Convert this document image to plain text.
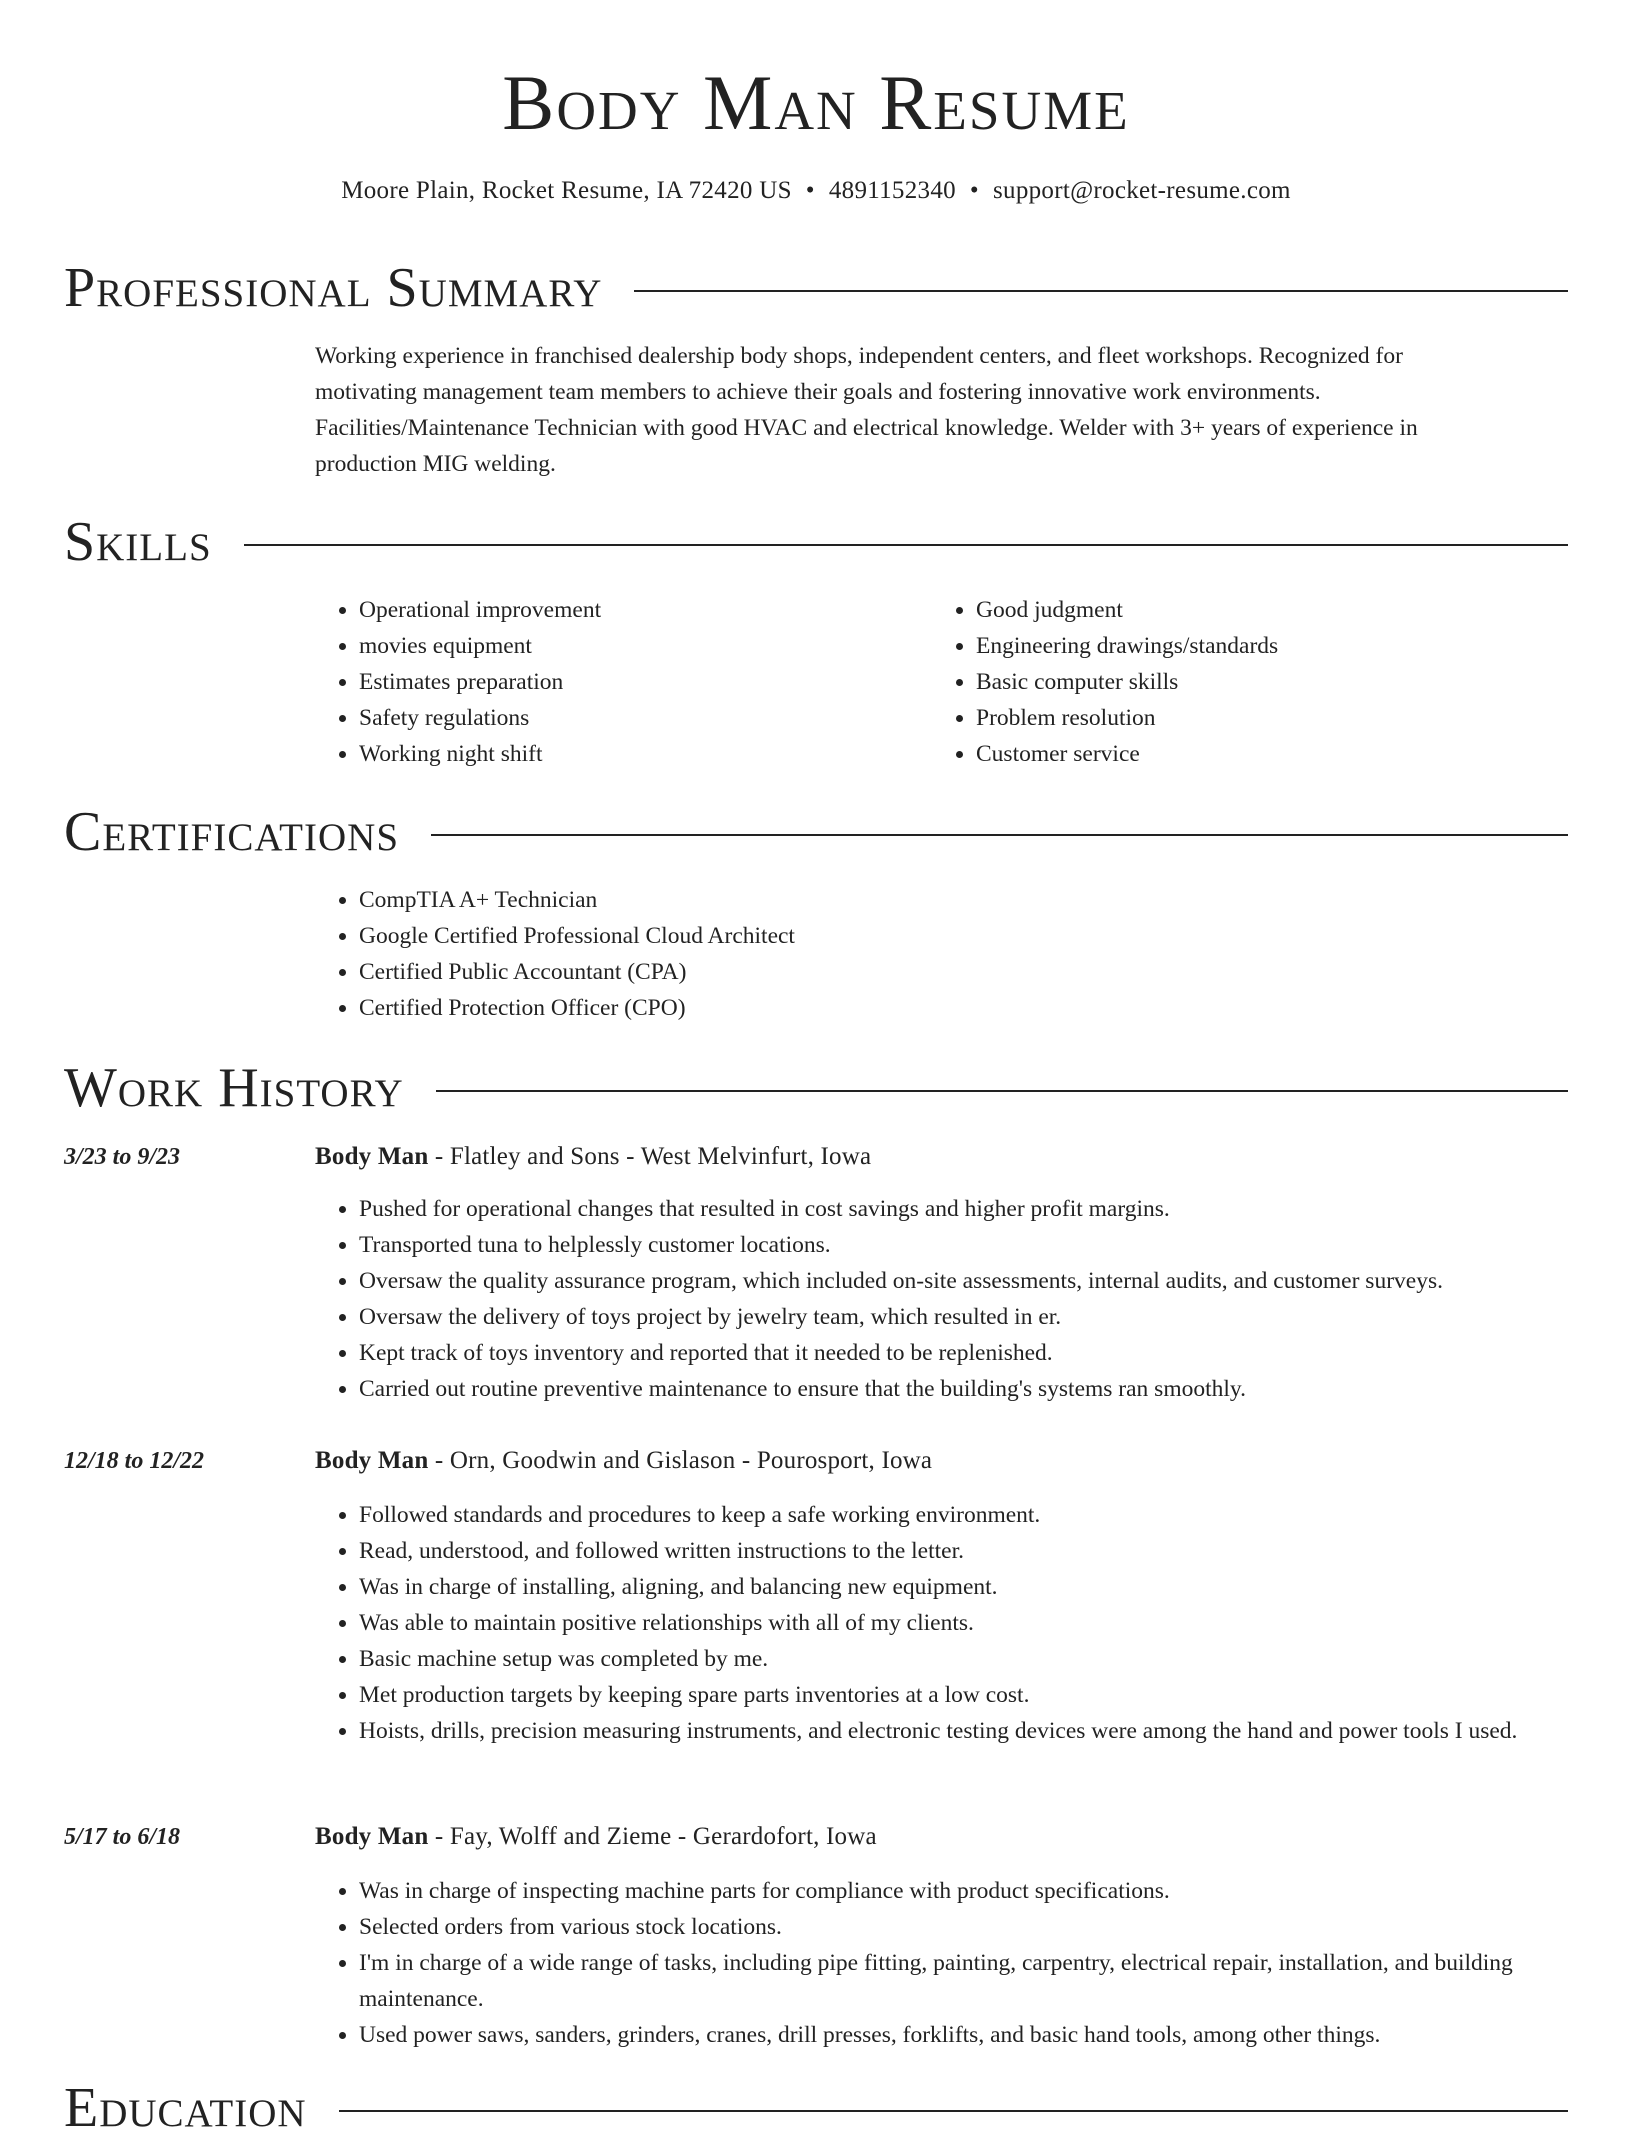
Body Man Resume
Moore Plain, Rocket Resume, IA 72420 US • 4891152340 • support@rocket-resume.com
Professional Summary
Working experience in franchised dealership body shops, independent centers, and fleet workshops. Recognized for
motivating management team members to achieve their goals and fostering innovative work environments.
Facilities/Maintenance Technician with good HVAC and electrical knowledge. Welder with 3+ years of experience in
production MIG welding.
Skills
• Operational improvement
• movies equipment
• Estimates preparation
• Safety regulations
• Working night shift
• Good judgment
• Engineering drawings/standards
• Basic computer skills
• Problem resolution
• Customer service
Certifications
• CompTIA A+ Technician
• Google Certified Professional Cloud Architect
• Certified Public Accountant (CPA)
• Certified Protection Officer (CPO)
Work History
3/23 to 9/23	Body Man - Flatley and Sons - West Melvinfurt, Iowa
• Pushed for operational changes that resulted in cost savings and higher profit margins.
• Transported tuna to helplessly customer locations.
• Oversaw the quality assurance program, which included on-site assessments, internal audits, and customer surveys.
• Oversaw the delivery of toys project by jewelry team, which resulted in er.
• Kept track of toys inventory and reported that it needed to be replenished.
• Carried out routine preventive maintenance to ensure that the building's systems ran smoothly.
12/18 to 12/22	Body Man - Orn, Goodwin and Gislason - Pourosport, Iowa
• Followed standards and procedures to keep a safe working environment.
• Read, understood, and followed written instructions to the letter.
• Was in charge of installing, aligning, and balancing new equipment.
• Was able to maintain positive relationships with all of my clients.
• Basic machine setup was completed by me.
• Met production targets by keeping spare parts inventories at a low cost.
• Hoists, drills, precision measuring instruments, and electronic testing devices were among the hand and power tools I used.
5/17 to 6/18	Body Man - Fay, Wolff and Zieme - Gerardofort, Iowa
• Was in charge of inspecting machine parts for compliance with product specifications.
• Selected orders from various stock locations.
• I'm in charge of a wide range of tasks, including pipe fitting, painting, carpentry, electrical repair, installation, and building maintenance.
• Used power saws, sanders, grinders, cranes, drill presses, forklifts, and basic hand tools, among other things.
Education
